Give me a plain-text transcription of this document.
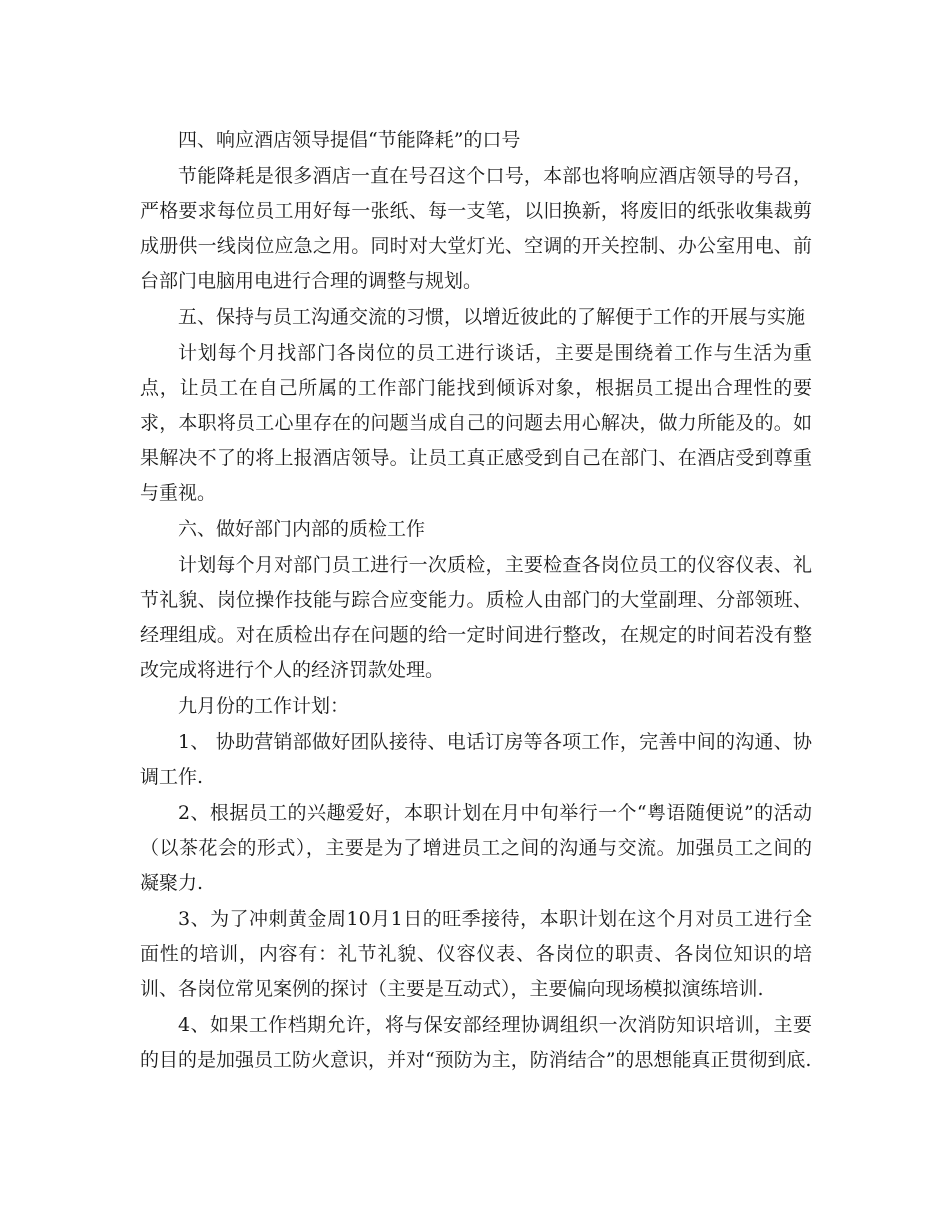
四、响应酒店领导提倡“节能降耗”的口号

节能降耗是很多酒店一直在号召这个口号，本部也将响应酒店领导的号召，严格要求每位员工用好每一张纸、每一支笔，以旧换新，将废旧的纸张收集裁剪成册供一线岗位应急之用。同时对大堂灯光、空调的开关控制、办公室用电、前台部门电脑用电进行合理的调整与规划。

五、保持与员工沟通交流的习惯，以增近彼此的了解便于工作的开展与实施

计划每个月找部门各岗位的员工进行谈话，主要是围绕着工作与生活为重点，让员工在自己所属的工作部门能找到倾诉对象，根据员工提出合理性的要求，本职将员工心里存在的问题当成自己的问题去用心解决，做力所能及的。如果解决不了的将上报酒店领导。让员工真正感受到自己在部门、在酒店受到尊重与重视。

六、做好部门内部的质检工作

计划每个月对部门员工进行一次质检，主要检查各岗位员工的仪容仪表、礼节礼貌、岗位操作技能与踪合应变能力。质检人由部门的大堂副理、分部领班、经理组成。对在质检出存在问题的给一定时间进行整改，在规定的时间若没有整改完成将进行个人的经济罚款处理。

九月份的工作计划：

1、 协助营销部做好团队接待、电话订房等各项工作，完善中间的沟通、协调工作.

2、根据员工的兴趣爱好，本职计划在月中旬举行一个“粤语随便说”的活动（以茶花会的形式），主要是为了增进员工之间的沟通与交流。加强员工之间的凝聚力.

3、为了冲刺黄金周10月1日的旺季接待，本职计划在这个月对员工进行全面性的培训，内容有：礼节礼貌、仪容仪表、各岗位的职责、各岗位知识的培训、各岗位常见案例的探讨（主要是互动式），主要偏向现场模拟演练培训.

4、如果工作档期允许，将与保安部经理协调组织一次消防知识培训，主要的目的是加强员工防火意识，并对“预防为主，防消结合”的思想能真正贯彻到底.
